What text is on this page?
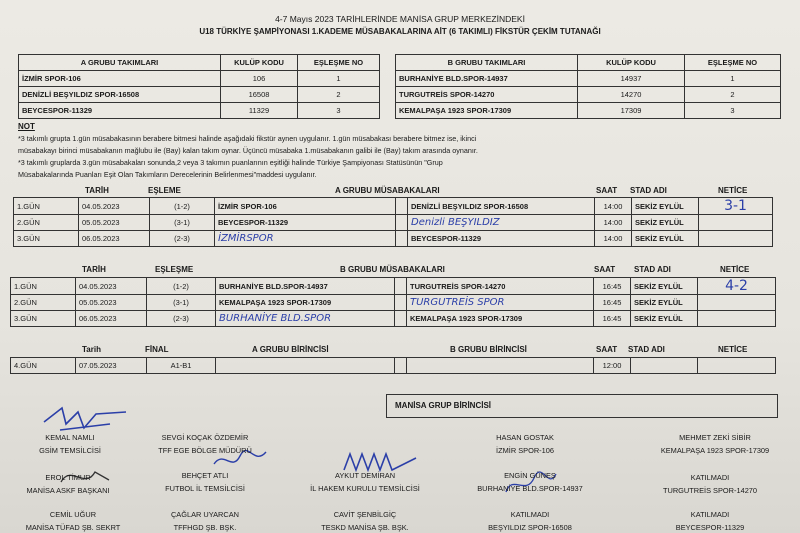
4-7 Mayıs 2023 TARİHLERİNDE MANİSA GRUP MERKEZİNDEKİ
U18 TÜRKİYE ŞAMPİYONASI 1.KADEME MÜSABAKALARINA AİT (6 TAKIMLI) FİKSTÜR ÇEKİM TUTANAĞI
A GRUBU TAKIMLARI	KULÜP KODU	EŞLEŞME NO
İZMİR SPOR-106	106	1
DENİZLİ BEŞYILDIZ SPOR-16508	16508	2
BEYCESPOR-11329	11329	3
B GRUBU TAKIMLARI	KULÜP KODU	EŞLEŞME NO
BURHANİYE BLD.SPOR-14937	14937	1
TURGUTREİS SPOR-14270	14270	2
KEMALPAŞA 1923 SPOR-17309	17309	3
NOT
*3 takımlı grupta 1.gün müsabakasının berabere bitmesi halinde aşağıdaki fikstür aynen uygulanır. 1.gün müsabakası berabere bitmez ise, ikinci
müsabakayı birinci müsabakanın mağlubu ile (Bay) kalan takım oynar. Üçüncü müsabaka 1.müsabakanın galibi ile (Bay) takım arasında oynanır.
*3 takımlı gruplarda 3.gün müsabakaları sonunda,2 veya 3 takımın puanlarının eşitliği halinde Türkiye Şampiyonası Statüsünün "Grup
Müsabakalarında Puanları Eşit Olan Takımların Derecelerinin Belirlenmesi"maddesi uygulanır.
TARİH	EŞLEME	A GRUBU MÜSABAKALARI	SAAT STAD ADI	NETİCE
1.GÜN	04.05.2023	(1-2)	İZMİR SPOR-106		DENİZLİ BEŞYILDIZ SPOR-16508	14:00	SEKİZ EYLÜL	3-1
2.GÜN	05.05.2023	(3-1)	BEYCESPOR-11329		Denizli BEŞYILDIZ	14:00	SEKİZ EYLÜL	
3.GÜN	06.05.2023	(2-3)	İZMİRSPOR		BEYCESPOR-11329	14:00	SEKİZ EYLÜL	
TARİH	EŞLEŞME	B GRUBU MÜSABAKALARI	SAAT STAD ADI	NETİCE
1.GÜN	04.05.2023	(1-2)	BURHANİYE BLD.SPOR-14937		TURGUTREİS SPOR-14270	16:45	SEKİZ EYLÜL	4-2
2.GÜN	05.05.2023	(3-1)	KEMALPAŞA 1923 SPOR-17309		TURGUTREİS SPOR	16:45	SEKİZ EYLÜL	
3.GÜN	06.05.2023	(2-3)	BURHANİYE BLD.SPOR		KEMALPAŞA 1923 SPOR-17309	16:45	SEKİZ EYLÜL	
Tarih	FİNAL	A GRUBU BİRİNCİSİ	B GRUBU BİRİNCİSİ	SAAT STAD ADI	NETİCE
4.GÜN	07.05.2023	A1-B1				12:00		
MANİSA GRUP BİRİNCİSİ
KEMAL NAMLI
GSİM TEMSİLCİSİ
SEVGİ KOÇAK ÖZDEMİR
TFF EGE BÖLGE MÜDÜRÜ
HASAN GOSTAK
İZMİR SPOR-106
MEHMET ZEKİ SİBİR
KEMALPAŞA 1923 SPOR-17309
EROL TİMUR
MANİSA ASKF BAŞKANI
BEHÇET ATLI
FUTBOL İL TEMSİLCİSİ
AYKUT DEMİRAN
İL HAKEM KURULU TEMSİLCİSİ
ENGİN GÜNEŞ
BURHANİYE BLD.SPOR-14937
KATILMADI
TURGUTREİS SPOR-14270
CEMİL UĞUR
MANİSA TÜFAD ŞB. SEKRT
ÇAĞLAR UYARCAN
TFFHGD ŞB. BŞK.
CAVİT ŞENBİLGİÇ
TESKD MANİSA ŞB. BŞK.
KATILMADI
BEŞYILDIZ SPOR-16508
KATILMADI
BEYCESPOR-11329
